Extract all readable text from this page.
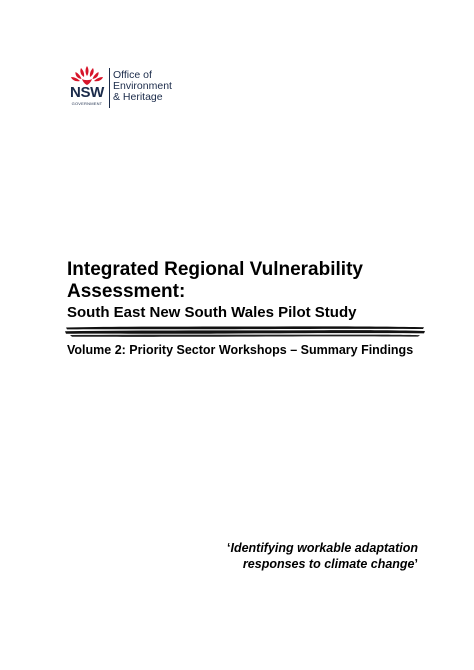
NSW
GOVERNMENT
Office of
Environment
& Heritage
Integrated Regional Vulnerability
Assessment:
South East New South Wales Pilot Study
Volume 2: Priority Sector Workshops – Summary Findings
‘Identifying workable adaptation
responses to climate change’
